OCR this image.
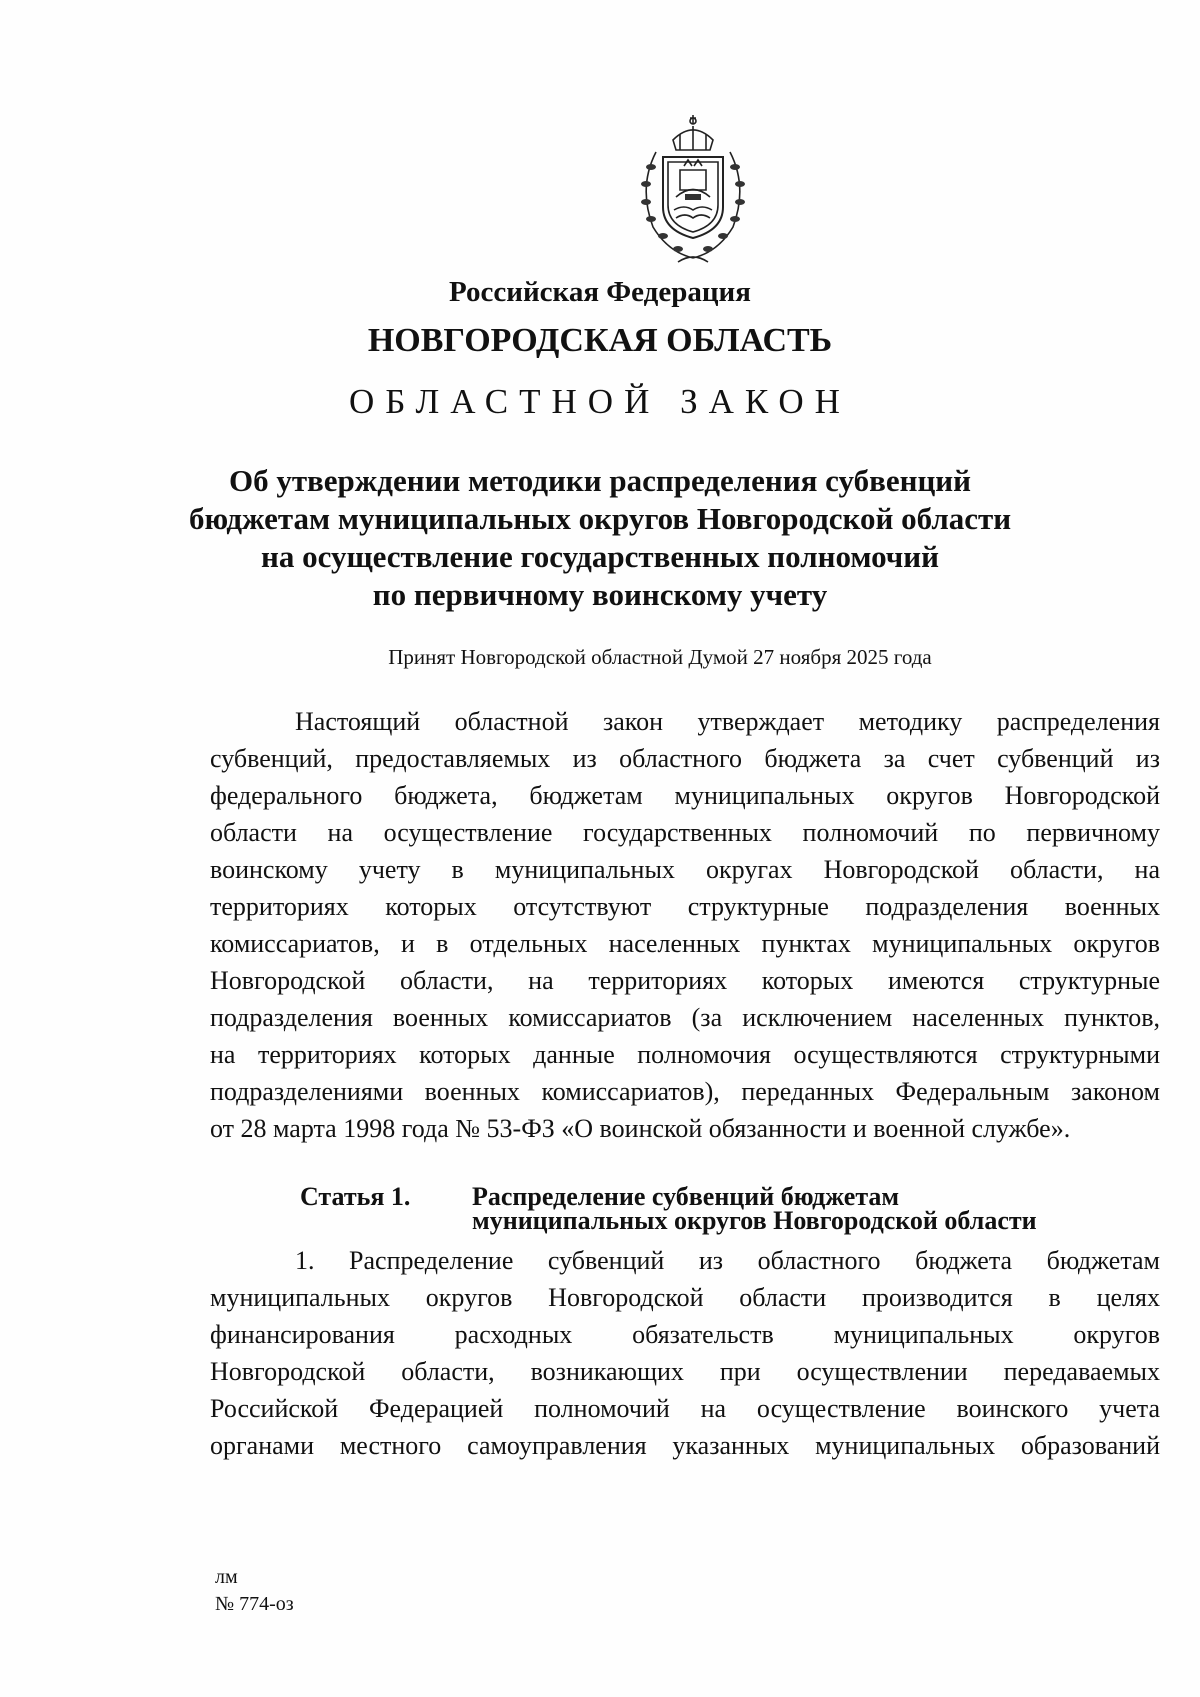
Российская Федерация
НОВГОРОДСКАЯ ОБЛАСТЬ
ОБЛАСТНОЙ ЗАКОН
Об утверждении методики распределения субвенций
бюджетам муниципальных округов Новгородской области
на осуществление государственных полномочий
по первичному воинскому учету
Принят Новгородской областной Думой 27 ноября 2025 года
Настоящий областной закон утверждает методику распределения
субвенций, предоставляемых из областного бюджета за счет субвенций из
федерального бюджета, бюджетам муниципальных округов Новгородской
области на осуществление государственных полномочий по первичному
воинскому учету в муниципальных округах Новгородской области, на
территориях которых отсутствуют структурные подразделения военных
комиссариатов, и в отдельных населенных пунктах муниципальных округов
Новгородской области, на территориях которых имеются структурные
подразделения военных комиссариатов (за исключением населенных пунктов,
на территориях которых данные полномочия осуществляются структурными
подразделениями военных комиссариатов), переданных Федеральным законом
от 28 марта 1998 года № 53-ФЗ «О воинской обязанности и военной службе».
Статья 1. Распределение субвенций бюджетам
муниципальных округов Новгородской области
1. Распределение субвенций из областного бюджета бюджетам
муниципальных округов Новгородской области производится в целях
финансирования расходных обязательств муниципальных округов
Новгородской области, возникающих при осуществлении передаваемых
Российской Федерацией полномочий на осуществление воинского учета
органами местного самоуправления указанных муниципальных образований
лм
№ 774-оз
